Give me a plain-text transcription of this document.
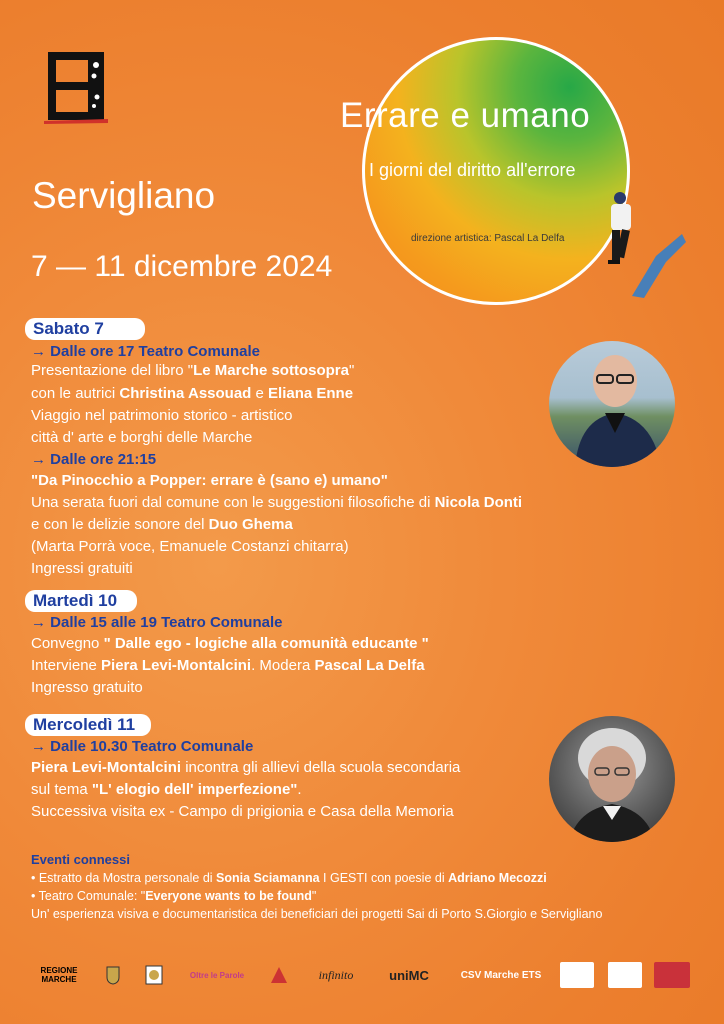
Errare e umano
I giorni del diritto all'errore
direzione artistica: Pascal La Delfa
Servigliano
7 — 11 dicembre 2024
Sabato 7
→ Dalle ore 17 Teatro Comunale
Presentazione del libro "Le Marche sottosopra"
con le autrici Christina Assouad e Eliana Enne
Viaggio nel patrimonio storico - artistico
città d' arte e borghi delle Marche
→ Dalle ore 21:15
"Da Pinocchio a Popper: errare è (sano e) umano"
Una serata fuori dal comune con le suggestioni filosofiche di Nicola Donti
e con le delizie sonore del Duo Ghema
(Marta Porrà voce, Emanuele Costanzi chitarra)
Ingressi gratuiti
Martedì 10
→ Dalle 15 alle 19 Teatro Comunale
Convegno " Dalle ego - logiche alla comunità educante "
Interviene Piera Levi-Montalcini. Modera Pascal La Delfa
Ingresso gratuito
Mercoledì 11
→ Dalle 10.30 Teatro Comunale
Piera Levi-Montalcini incontra gli allievi della scuola secondaria
sul tema "L' elogio dell' imperfezione".
Successiva visita ex - Campo di prigionia e Casa della Memoria
Eventi connessi
• Estratto da Mostra personale di Sonia Sciamanna I GESTI con poesie di Adriano Mecozzi
• Teatro Comunale: "Everyone wants to be found"
Un' esperienza visiva e documentaristica dei beneficiari dei progetti Sai di Porto S.Giorgio e Servigliano
REGIONE MARCHE	Oltre le Parole	infinito	uniMC	CSV Marche ETS
